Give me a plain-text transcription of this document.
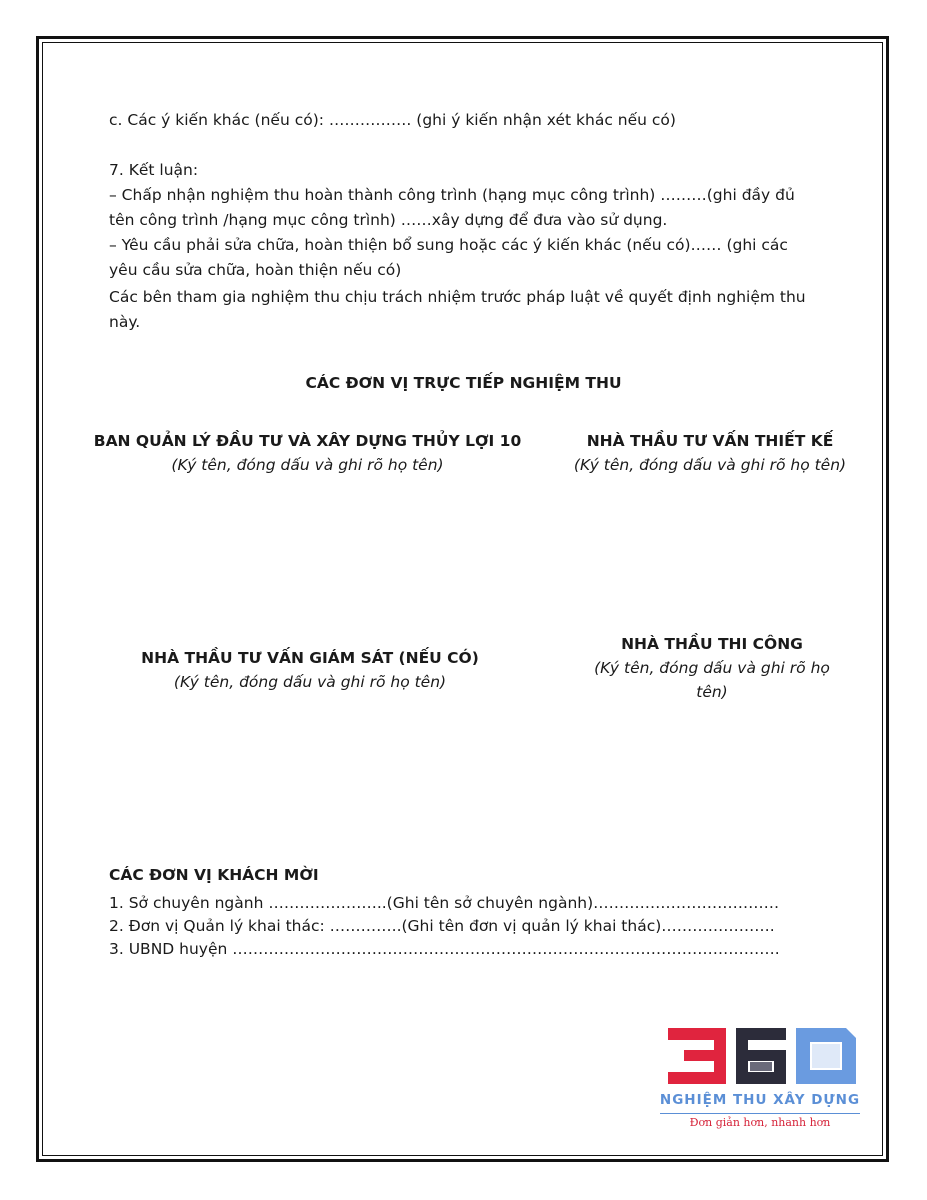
c. Các ý kiến khác (nếu có): ……………. (ghi ý kiến nhận xét khác nếu có)

7. Kết luận:

– Chấp nhận nghiệm thu hoàn thành công trình (hạng mục công trình) ………(ghi đầy đủ tên công trình /hạng mục công trình) ……xây dựng để đưa vào sử dụng.

– Yêu cầu phải sửa chữa, hoàn thiện bổ sung hoặc các ý kiến khác (nếu có)…… (ghi các yêu cầu sửa chữa, hoàn thiện nếu có)

Các bên tham gia nghiệm thu chịu trách nhiệm trước pháp luật về quyết định nghiệm thu này.

CÁC ĐƠN VỊ TRỰC TIẾP NGHIỆM THU
BAN QUẢN LÝ ĐẦU TƯ VÀ XÂY DỰNG THỦY LỢI 10
(Ký tên, đóng dấu và ghi rõ họ tên)
NHÀ THẦU TƯ VẤN THIẾT KẾ
(Ký tên, đóng dấu và ghi rõ họ tên)
NHÀ THẦU TƯ VẤN GIÁM SÁT (NẾU CÓ)
(Ký tên, đóng dấu và ghi rõ họ tên)
NHÀ THẦU THI CÔNG
(Ký tên, đóng dấu và ghi rõ họ
tên)
CÁC ĐƠN VỊ KHÁCH MỜI
1. Sở chuyên ngành …………………..(Ghi tên sở chuyên ngành)………………………………
2. Đơn vị Quản lý khai thác: …………..(Ghi tên đơn vị quản lý khai thác)………………….
3. UBND huyện …………………………………………………………………………………………….
NGHIỆM THU XÂY DỰNG
Đơn giản hơn, nhanh hơn
